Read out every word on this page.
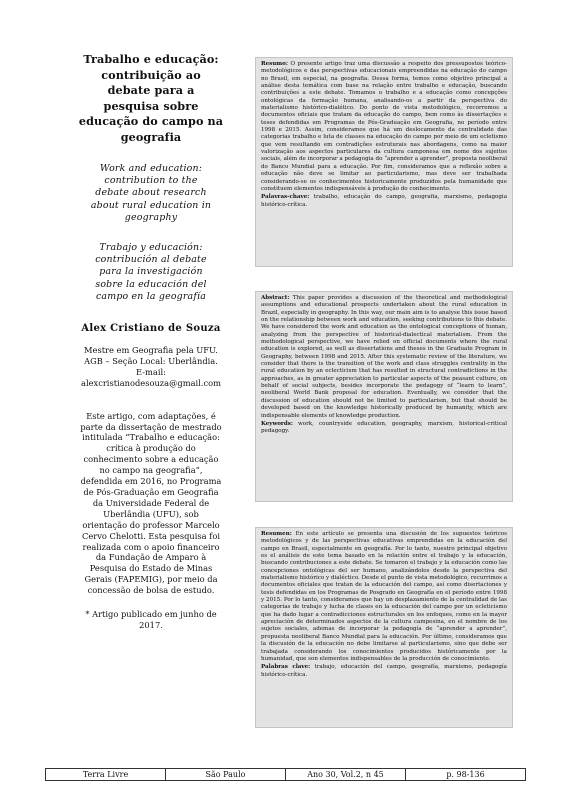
Trabalho e educação:
contribuição ao
debate para a
pesquisa sobre
educação do campo na
geografia
Work and education:
contribution to the
debate about research
about rural education in
geography
Trabajo y educación:
contribución al debate
para la investigación
sobre la educación del
campo en la geografía
Alex Cristiano de Souza
Mestre em Geografia pela UFU.
AGB – Seção Local: Uberlândia.
E-mail:
alexcristianodesouza@gmail.com
Este artigo, com adaptações, é
parte da dissertação de mestrado
intitulada “Trabalho e educação:
crítica à produção do
conhecimento sobre a educação
no campo na geografia”,
defendida em 2016, no Programa
de Pós-Graduação em Geografia
da Universidade Federal de
Uberlândia (UFU), sob
orientação do professor Marcelo
Cervo Chelotti. Esta pesquisa foi
realizada com o apoio financeiro
da Fundação de Amparo à
Pesquisa do Estado de Minas
Gerais (FAPEMIG), por meio da
concessão de bolsa de estudo.
* Artigo publicado em junho de
2017.

Resumo: O presente artigo traz uma discussão a respeito dos pressupostos teórico-metodológicos e das perspectivas educacionais empreendidas na educação do campo no Brasil, em especial, na geografia. Dessa forma, temos como objetivo principal a análise desta temática com base na relação entre trabalho e educação, buscando contribuições a este debate. Tomamos o trabalho e a educação como concepções ontológicas da formação humana, analisando-os a partir da perspectiva do materialismo histórico-dialético. Do ponto de vista metodológico, recorremos a documentos oficiais que tratam da educação do campo, bem como às dissertações e teses defendidas em Programas de Pós-Graduação em Geografia, no período entre 1998 e 2015. Assim, consideramos que há um deslocamento da centralidade das categorias trabalho e luta de classes na educação do campo por meio de um ecletismo que vem resultando em contradições estruturais nas abordagens, como na maior valorização aos aspectos particulares da cultura camponesa em nome dos sujeitos sociais, além de incorporar a pedagogia do “aprender a aprender”, proposta neoliberal do Banco Mundial para a educação. Por fim, consideramos que a reflexão sobre a educação não deve se limitar ao particularismo, mas deve ser trabalhada considerando-se os conhecimentos historicamente produzidos pela humanidade que constituem elementos indispensáveis à produção do conhecimento.

Palavras-chave: trabalho, educação do campo, geografia, marxismo, pedagogia histórico-crítica.

Abstract: This paper provides a discussion of the theoretical and methodological assumptions and educational prospects undertaken about the rural education in Brazil, especially in geography. In this way, our main aim is to analyse this issue based on the relationship between work and education, seeking contributions to this debate. We have considered the work and education as the ontological conceptions of human, analyzing from the perspective of historical-dialectical materialism. From the methodological perspective, we have relied on official documents where the rural education is explored, as well as dissertations and theses in the Graduate Program in Geography, between 1998 and 2015. After this systematic review of the literature, we consider that there is the transition of the work and class struggles centrality in the rural education by an eclecticism that has resulted in structural contradictions in the approaches, as in greater appreciation to particular aspects of the peasant culture, on behalf of social subjects, besides incorporate the pedagogy of “learn to learn”, neoliberal World Bank proposal for education. Eventually, we consider that the discussion of education should not be limited to particularism, but that should be developed based on the knowledge historically produced by humanity, which are indispensable elements of knowledge production.

Keywords: work, countryside education, geography, marxism, historical-critical pedagogy.

Resumen: En este artículo se presenta una discusión de los supuestos teóricos metodológicos y de las perspectivas educativas emprendidas en la educación del campo en Brasil, especialmente en geografía. Por lo tanto, nuestro principal objetivo es el análisis de este tema basado en la relación entre el trabajo y la educación, buscando contribuciones a este debate. Se tomaron el trabajo y la educación como las concepciones ontológicas del ser humano, analizándolos desde la perspectiva del materialismo histórico y dialéctico. Desde el punto de vista metodológico, recurrimos a documentos oficiales que tratan de la educación del campo, así como disertaciones y tesis defendidas en los Programas de Posgrado en Geografía en el período entre 1998 y 2015. Por lo tanto, consideramos que hay un desplazamiento de la centralidad de las categorías de trabajo y lucha de clases en la educación del campo por un ecleticismo que ha dado lugar a contradicciones estructurales en los enfoques, como en la mayor apreciación de determinados aspectos de la cultura campesina, en el nombre de los sujetos sociales, ademas de incorporar la pedagogía de “aprender a aprender”, propuesta neoliberal Banco Mundial para la educación. Por último, consideramos que la discusión de la educación no debe limitarse al particularismo, sino que debe ser trabajada considerando los conocimientos producidos históricamente por la humanidad, que son elementos indispensables de la producción de conocimiento.

Palabras clave: trabajo, educación del campo, geografía, marxismo, pedagogía histórico-crítica.

Terra Livre	São Paulo	Ano 30, Vol.2, n 45	p. 98-136
